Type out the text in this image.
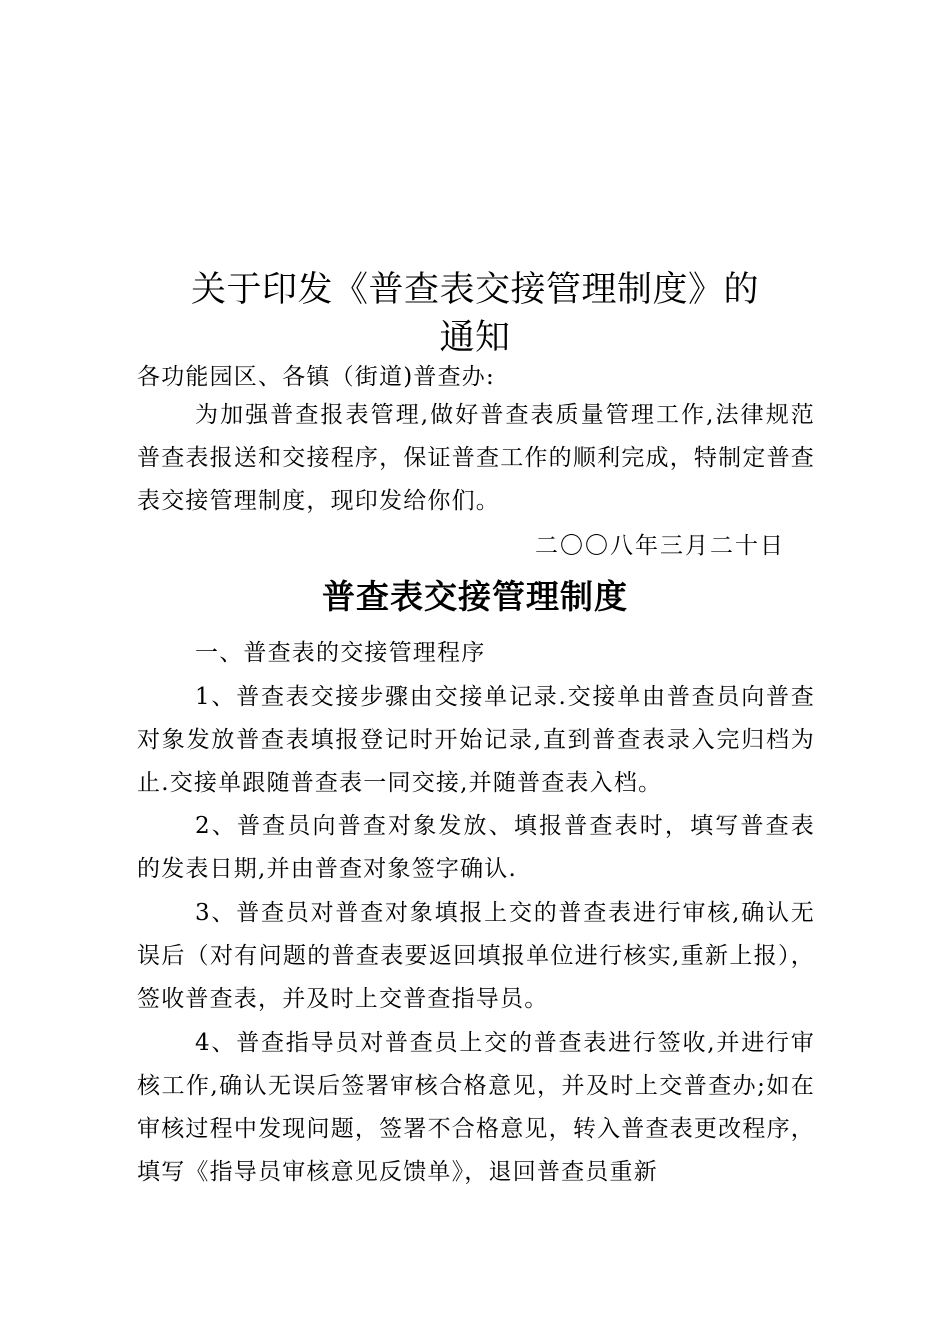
关于印发《普查表交接管理制度》的
通知

各功能园区、各镇（街道)普查办:

为加强普查报表管理,做好普查表质量管理工作,法律规范普查表报送和交接程序，保证普查工作的顺利完成，特制定普查表交接管理制度，现印发给你们。

二〇〇八年三月二十日
普查表交接管理制度

一、普查表的交接管理程序

1、普查表交接步骤由交接单记录.交接单由普查员向普查对象发放普查表填报登记时开始记录,直到普查表录入完归档为止.交接单跟随普查表一同交接,并随普查表入档。

2、普查员向普查对象发放、填报普查表时，填写普查表的发表日期,并由普查对象签字确认.

3、普查员对普查对象填报上交的普查表进行审核,确认无误后（对有问题的普查表要返回填报单位进行核实,重新上报），签收普查表，并及时上交普查指导员。

4、普查指导员对普查员上交的普查表进行签收,并进行审核工作,确认无误后签署审核合格意见，并及时上交普查办;如在审核过程中发现问题，签署不合格意见，转入普查表更改程序，填写《指导员审核意见反馈单》，退回普查员重新
